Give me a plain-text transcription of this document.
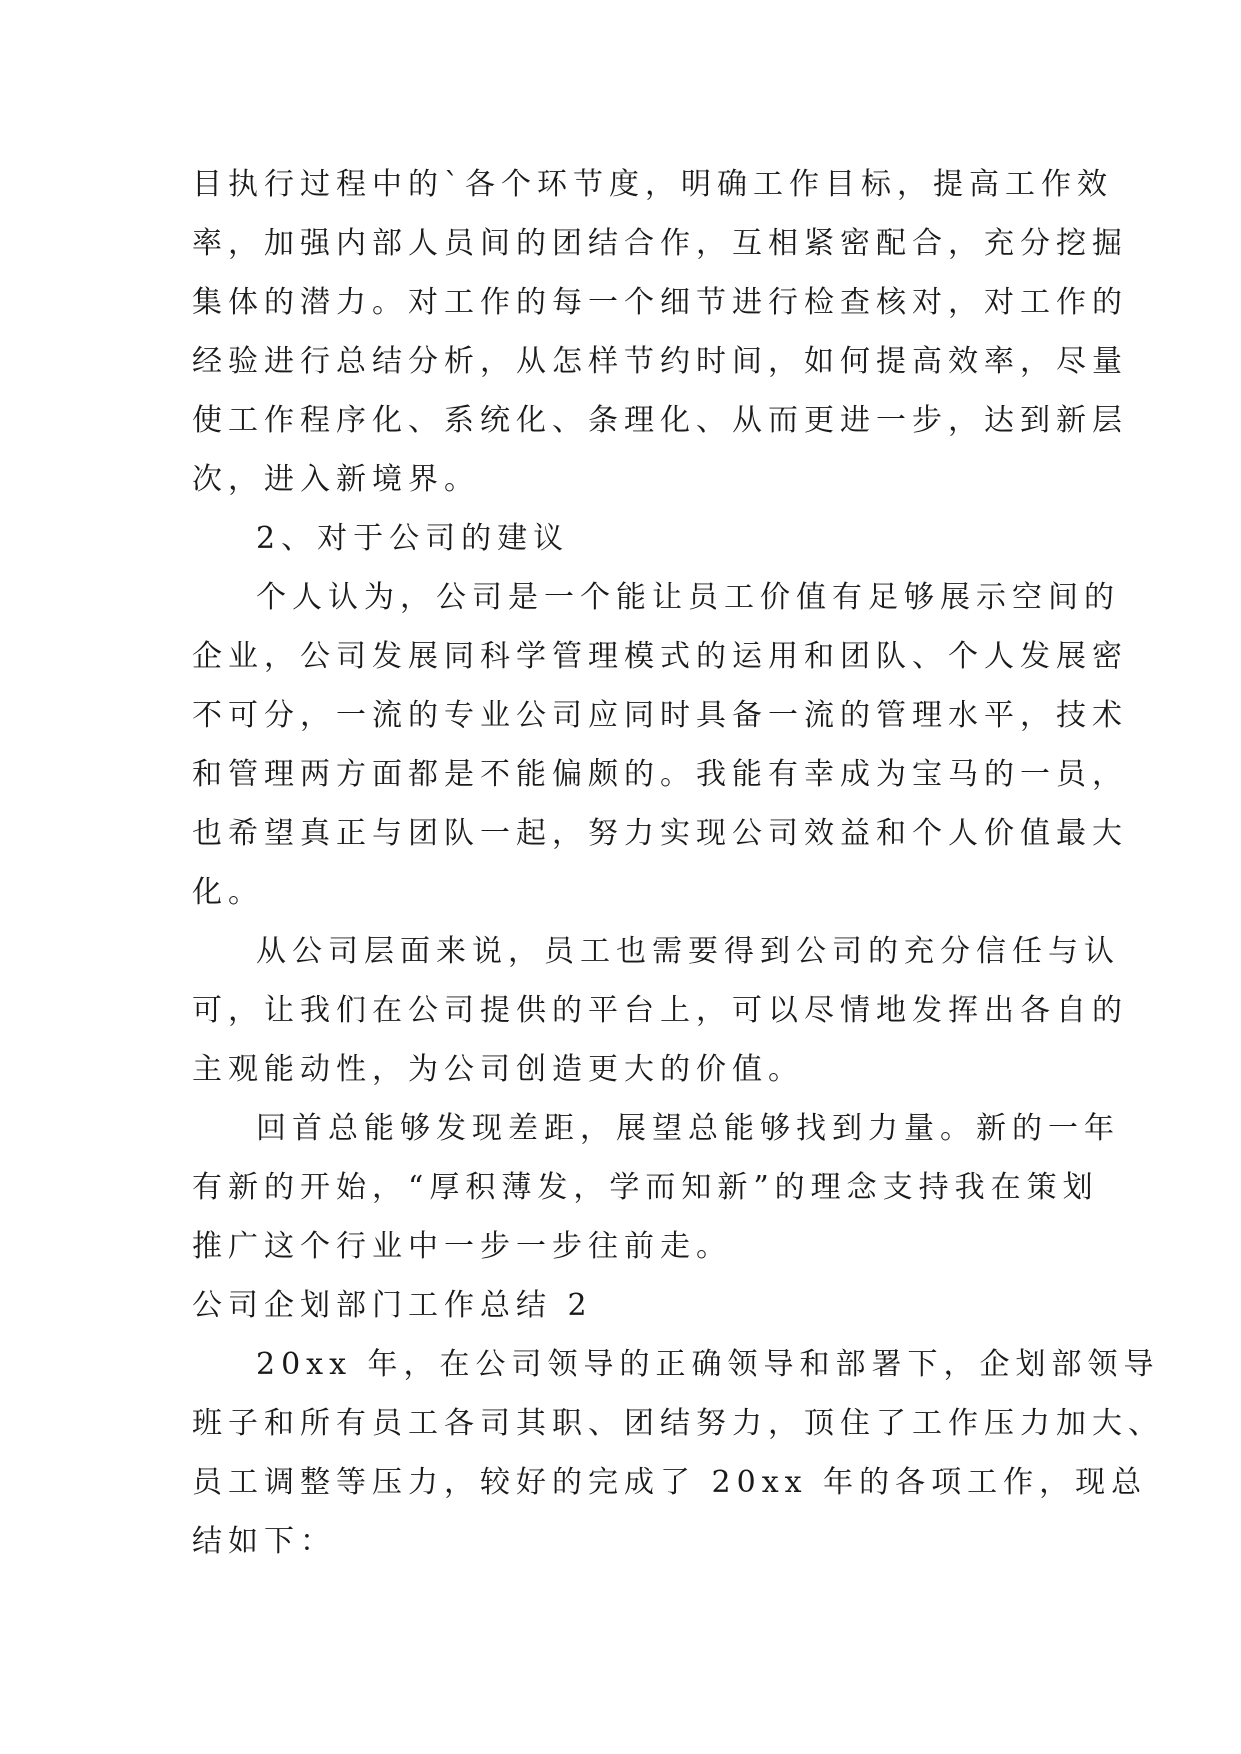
目执行过程中的`各个环节度，明确工作目标，提高工作效
率，加强内部人员间的团结合作，互相紧密配合，充分挖掘
集体的潜力。对工作的每一个细节进行检查核对，对工作的
经验进行总结分析，从怎样节约时间，如何提高效率，尽量
使工作程序化、系统化、条理化、从而更进一步，达到新层
次，进入新境界。
2、对于公司的建议
个人认为，公司是一个能让员工价值有足够展示空间的
企业，公司发展同科学管理模式的运用和团队、个人发展密
不可分，一流的专业公司应同时具备一流的管理水平，技术
和管理两方面都是不能偏颇的。我能有幸成为宝马的一员，
也希望真正与团队一起，努力实现公司效益和个人价值最大
化。
从公司层面来说，员工也需要得到公司的充分信任与认
可，让我们在公司提供的平台上，可以尽情地发挥出各自的
主观能动性，为公司创造更大的价值。
回首总能够发现差距，展望总能够找到力量。新的一年
有新的开始，“厚积薄发，学而知新”的理念支持我在策划
推广这个行业中一步一步往前走。
公司企划部门工作总结 2
20xx 年，在公司领导的正确领导和部署下，企划部领导
班子和所有员工各司其职、团结努力，顶住了工作压力加大、
员工调整等压力，较好的完成了 20xx 年的各项工作，现总
结如下：
